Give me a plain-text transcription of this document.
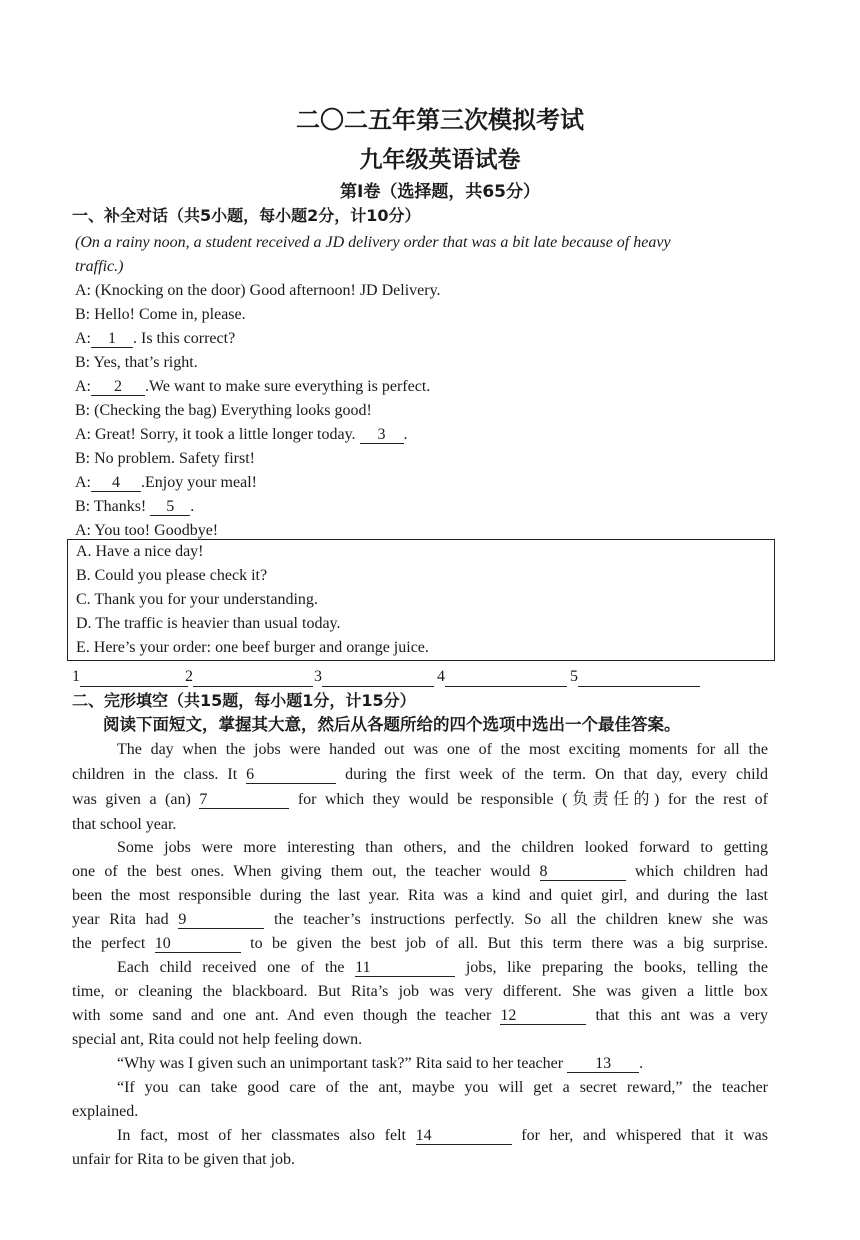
二〇二五年第三次模拟考试
九年级英语试卷
第Ⅰ卷（选择题，共65分）
一、补全对话（共5小题，每小题2分，计10分）
(On a rainy noon, a student received a JD delivery order that was a bit late because of heavy
traffic.)
A: (Knocking on the door) Good afternoon! JD Delivery.
B: Hello! Come in, please.
A: 1 . Is this correct?
B: Yes, that’s right.
A: 2 .We want to make sure everything is perfect.
B: (Checking the bag) Everything looks good!
A: Great! Sorry, it took a little longer today. 3 .
B: No problem. Safety first!
A: 4 .Enjoy your meal!
B: Thanks! 5 .
A: You too! Goodbye!
A. Have a nice day!
B. Could you please check it?
C. Thank you for your understanding.
D. The traffic is heavier than usual today.
E. Here’s your order: one beef burger and orange juice.
1	2	3	4	5
二、完形填空（共15题，每小题1分，计15分）
阅读下面短文，掌握其大意，然后从各题所给的四个选项中选出一个最佳答案。
The day when the jobs were handed out was one of the most exciting moments for all the
children in the class. It 6	during the first week of the term. On that day, every child
was given a (an) 7	for which they would be responsible (负责任的) for the rest of
that school year.
Some jobs were more interesting than others, and the children looked forward to getting
one of the best ones. When giving them out, the teacher would 8	which children had
been the most responsible during the last year. Rita was a kind and quiet girl, and during the last
year Rita had 9	the teacher’s instructions perfectly. So all the children knew she was
the perfect 10	to be given the best job of all. But this term there was a big surprise.
Each child received one of the 11	jobs, like preparing the books, telling the
time, or cleaning the blackboard. But Rita’s job was very different. She was given a little box
with some sand and one ant. And even though the teacher 12	that this ant was a very
special ant, Rita could not help feeling down.
“Why was I given such an unimportant task?” Rita said to her teacher 13 .
“If you can take good care of the ant, maybe you will get a secret reward,” the teacher
explained.
In fact, most of her classmates also felt 14	for her, and whispered that it was
unfair for Rita to be given that job.
